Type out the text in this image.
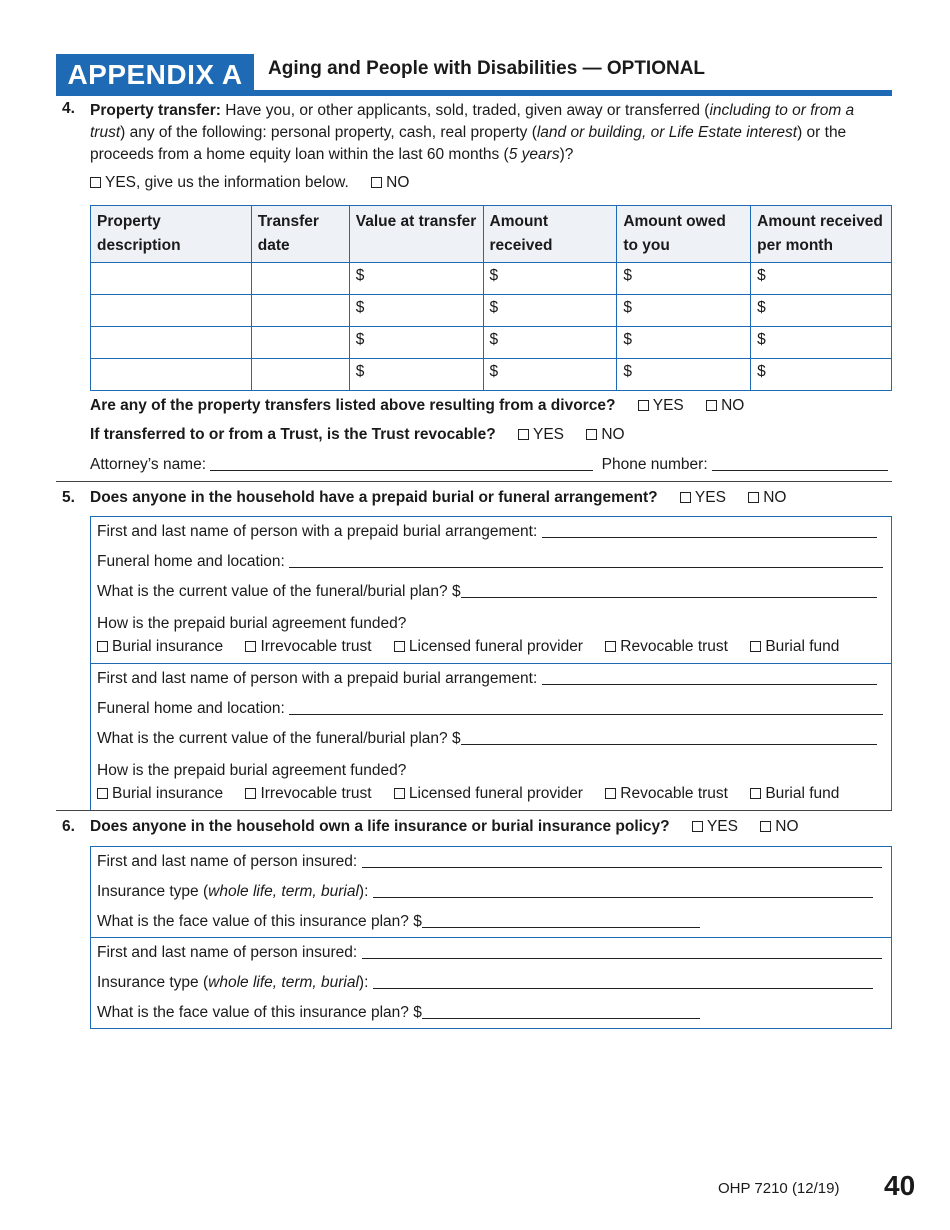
APPENDIX A	Aging and People with Disabilities — OPTIONAL
4. Property transfer: Have you, or other applicants, sold, traded, given away or transferred (including to or from a trust) any of the following: personal property, cash, real property (land or building, or Life Estate interest) or the proceeds from a home equity loan within the last 60 months (5 years)?
YES, give us the information below. NO
Property description	Transfer date	Value at transfer	Amount received	Amount owed to you	Amount received per month
		$	$	$	$
		$	$	$	$
		$	$	$	$
		$	$	$	$
Are any of the property transfers listed above resulting from a divorce? YES NO
If transferred to or from a Trust, is the Trust revocable? YES NO
Attorney’s name:	Phone number:
5. Does anyone in the household have a prepaid burial or funeral arrangement? YES NO
First and last name of person with a prepaid burial arrangement:
Funeral home and location:
What is the current value of the funeral/burial plan? $
How is the prepaid burial agreement funded?
Burial insurance Irrevocable trust Licensed funeral provider Revocable trust Burial fund
First and last name of person with a prepaid burial arrangement:
Funeral home and location:
What is the current value of the funeral/burial plan? $
How is the prepaid burial agreement funded?
Burial insurance Irrevocable trust Licensed funeral provider Revocable trust Burial fund
6. Does anyone in the household own a life insurance or burial insurance policy? YES NO
First and last name of person insured:
Insurance type (whole life, term, burial):
What is the face value of this insurance plan? $
First and last name of person insured:
Insurance type (whole life, term, burial):
What is the face value of this insurance plan? $
OHP 7210 (12/19) 40
